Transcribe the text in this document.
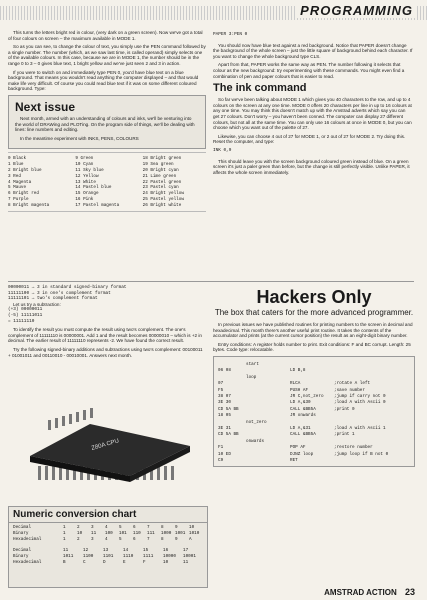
PROGRAMMING

This turns the letters bright red in colour, (very dark on a green screen). Now we've got a total of four colours on screen – the maximum available in MODE 1.

So as you can see, to change the colour of text, you simply use the PEN command followed by a single number. The number (which, as we saw last time, is called operand) simply selects one of the available colours. In this case, because we are in MODE 1, the number should be in the range 0 to 3 – 0 gives blue text, 1 bright yellow and we've just seen 2 and 3 in action.

If you were to switch on and immediately type PEN 0, you'd have blue text on a blue background. That means you wouldn't read anything the computer displayed – and that would make life very difficult. Of course you could read blue text if it was on some different coloured background. Type:

Next issue

Next month, armed with an understanding of colours and inks, we'll be venturing into the world of DRAWing and PLOTing. On the program side of things, we'll be dealing with lines: line numbers and editing.

In the meantime experiment with INKS, PENS, COLOURS

0 Black	9 Green	18 Bright green
1 Blue	10 Cyan	19 Sea green
2 Bright blue	11 Sky blue	20 Bright cyan
3 Red	12 Yellow	21 Lime green
4 Magenta	13 White	22 Pastel green
5 Mauve	14 Pastel blue	23 Pastel cyan
6 Bright red	15 Orange	24 Bright yellow
7 Purple	16 Pink	25 Pastel yellow
8 Bright magenta	17 Pastel magenta	26 Bright white

PAPER 3:PEN 0

You should now have blue text against a red background. Notice that PAPER doesn't change the background of the whole screen – just the little square of background behind each character. If you want to change the whole background type CLS.

Apart from that, PAPER works the same way as PEN. The number following it selects that colour as the new background: try experimenting with these commands. You might even find a combination of pen and paper colours that is easier to read.

The ink command

So far we've been talking about MODE 1 which gives you 40 characters to the row, and up to 4 colours on the screen at any one time. MODE 0 offers 20 characters per line in up to 16 colours at any one time. You may think this doesn't match up with the Amstrad adverts which say you can get 27 colours. Don't worry – you haven't been conned. The computer can display 27 different colours, but not all at the same time. You can only use 16 colours at once in MODE 0, but you can choose which you want out of the palette of 27.

Likewise, you can choose 4 out of 27 for MODE 1, or 2 out of 27 for MODE 2. Try doing this. Reset the computer, and type:

INK 0,9

This should leave you with the screen background coloured green instead of blue. On a green screen it's just a paler green than before, but the change is still perfectly visible. Unlike PAPER, it affects the whole screen immediately.

00000011 → 3 in standard signed-binary format
11111100 → 3 in one's complement format
11111101 → two's complement format
Let us try a subtraction:
(+3) 00000011
(-5) 11111011
= 11111110

To identify the result you must compute the result using two's complement. The one's complement of 11111110 is 00000001. Add 1 and the result becomes 00000010 – which is +2 in decimal. The earlier result of 11111110 represents -2. We have found the correct result.

Try the following signed-binary additions and subtractions using two's complement: 00100011 + 01001011 and 00110010 - 00010001. Answers next month.

Z80A CPU
Numeric conversion chart
Decimal	1	2	3	4	5	6	7	8	9	10
Binary	1	10	11	100	101	110	111	1000 1001 1010
Hexadecimal	1	2	3	4	5	6	7	8	9	A
Decimal	11	12	13	14	15	16	17
Binary	1011	1100	1101	1110	1111	10000	10001
Hexadecimal	B	C	D	E	F	10	11
Hackers Only
The box that caters for the more advanced programmer.

In previous issues we have published routines for printing numbers to the screen in decimal and hexadecimal. This month there's another useful print routine. It takes the contents of the accumulator and prints (at the current cursor position) the result as an eight-digit binary number.

Entry conditions: A register holds number to print. Exit conditions: F and BC corrupt. Length: 25 bytes. Code type: relocatable.

start
06 08	LD B,8
loop
07	RLCA	;rotate A left
F5	PUSH AF	;save number
38 07	JR C,not_zero	;jump if carry not 0
3E 30	LD A,&30	;load A with Ascii 0
CD 5A BB	CALL &BB5A	;print 0
18 05	JR onwards
not_zero
3E 31	LD A,&31	;load A with Ascii 1
CD 5A BB	CALL &BB5A	;print 1
onwards
F1	POP AF	;restore number
10 ED	DJNZ loop	;jump loop if B not 0
C9	RET
AMSTRAD ACTION 23
